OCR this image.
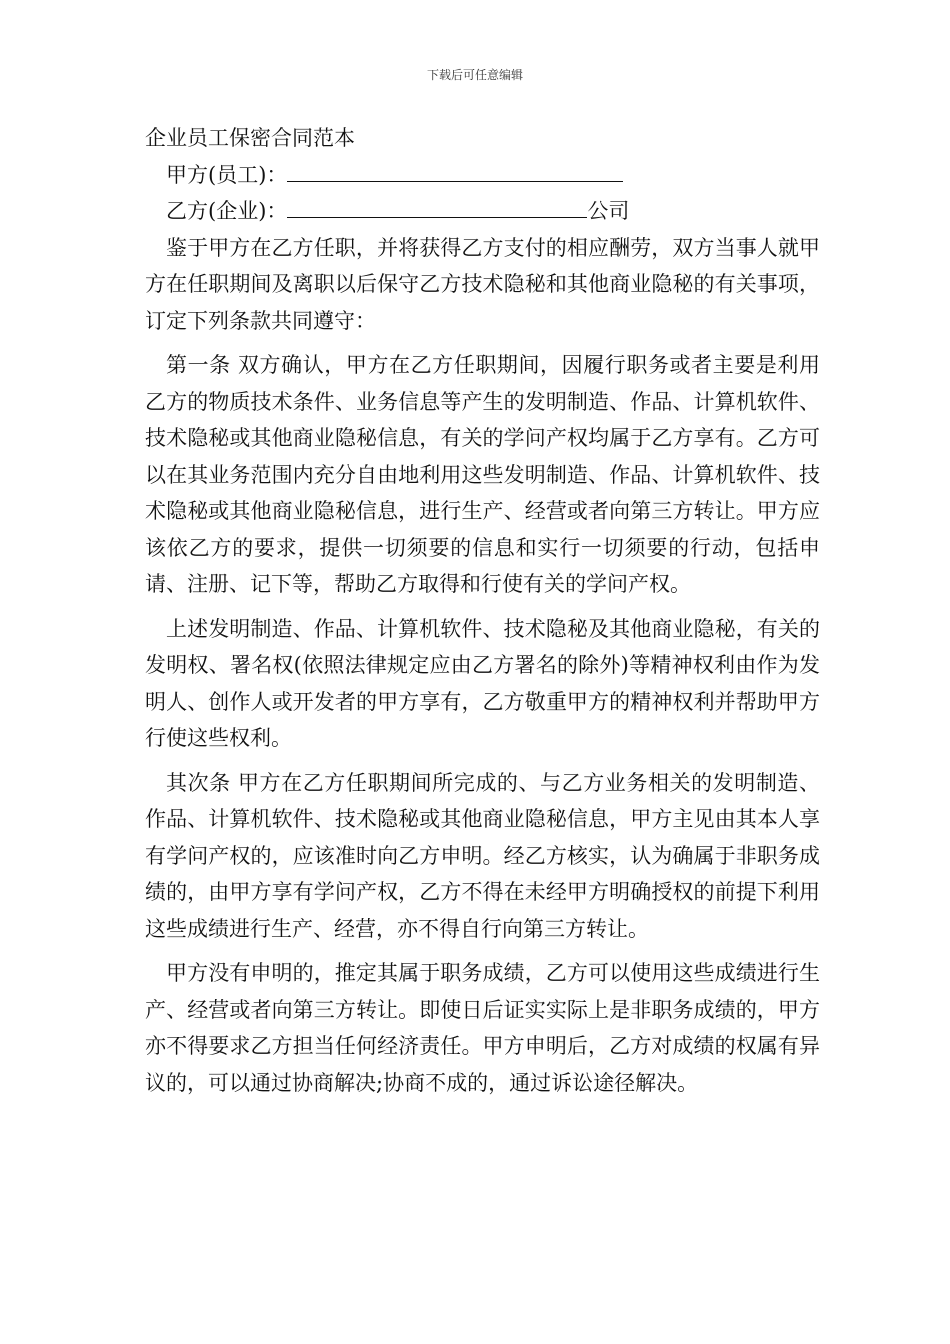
下载后可任意编辑
企业员工保密合同范本
甲方(员工)：
乙方(企业)：	公司

鉴于甲方在乙方任职，并将获得乙方支付的相应酬劳，双方当事人就甲方在任职期间及离职以后保守乙方技术隐秘和其他商业隐秘的有关事项，订定下列条款共同遵守：

第一条 双方确认，甲方在乙方任职期间，因履行职务或者主要是利用乙方的物质技术条件、业务信息等产生的发明制造、作品、计算机软件、技术隐秘或其他商业隐秘信息，有关的学问产权均属于乙方享有。乙方可以在其业务范围内充分自由地利用这些发明制造、作品、计算机软件、技术隐秘或其他商业隐秘信息，进行生产、经营或者向第三方转让。甲方应该依乙方的要求，提供一切须要的信息和实行一切须要的行动，包括申请、注册、记下等，帮助乙方取得和行使有关的学问产权。

上述发明制造、作品、计算机软件、技术隐秘及其他商业隐秘，有关的发明权、署名权(依照法律规定应由乙方署名的除外)等精神权利由作为发明人、创作人或开发者的甲方享有，乙方敬重甲方的精神权利并帮助甲方行使这些权利。

其次条 甲方在乙方任职期间所完成的、与乙方业务相关的发明制造、作品、计算机软件、技术隐秘或其他商业隐秘信息，甲方主见由其本人享有学问产权的，应该准时向乙方申明。经乙方核实，认为确属于非职务成绩的，由甲方享有学问产权，乙方不得在未经甲方明确授权的前提下利用这些成绩进行生产、经营，亦不得自行向第三方转让。

甲方没有申明的，推定其属于职务成绩，乙方可以使用这些成绩进行生产、经营或者向第三方转让。即使日后证实实际上是非职务成绩的，甲方亦不得要求乙方担当任何经济责任。甲方申明后，乙方对成绩的权属有异议的，可以通过协商解决;协商不成的，通过诉讼途径解决。
